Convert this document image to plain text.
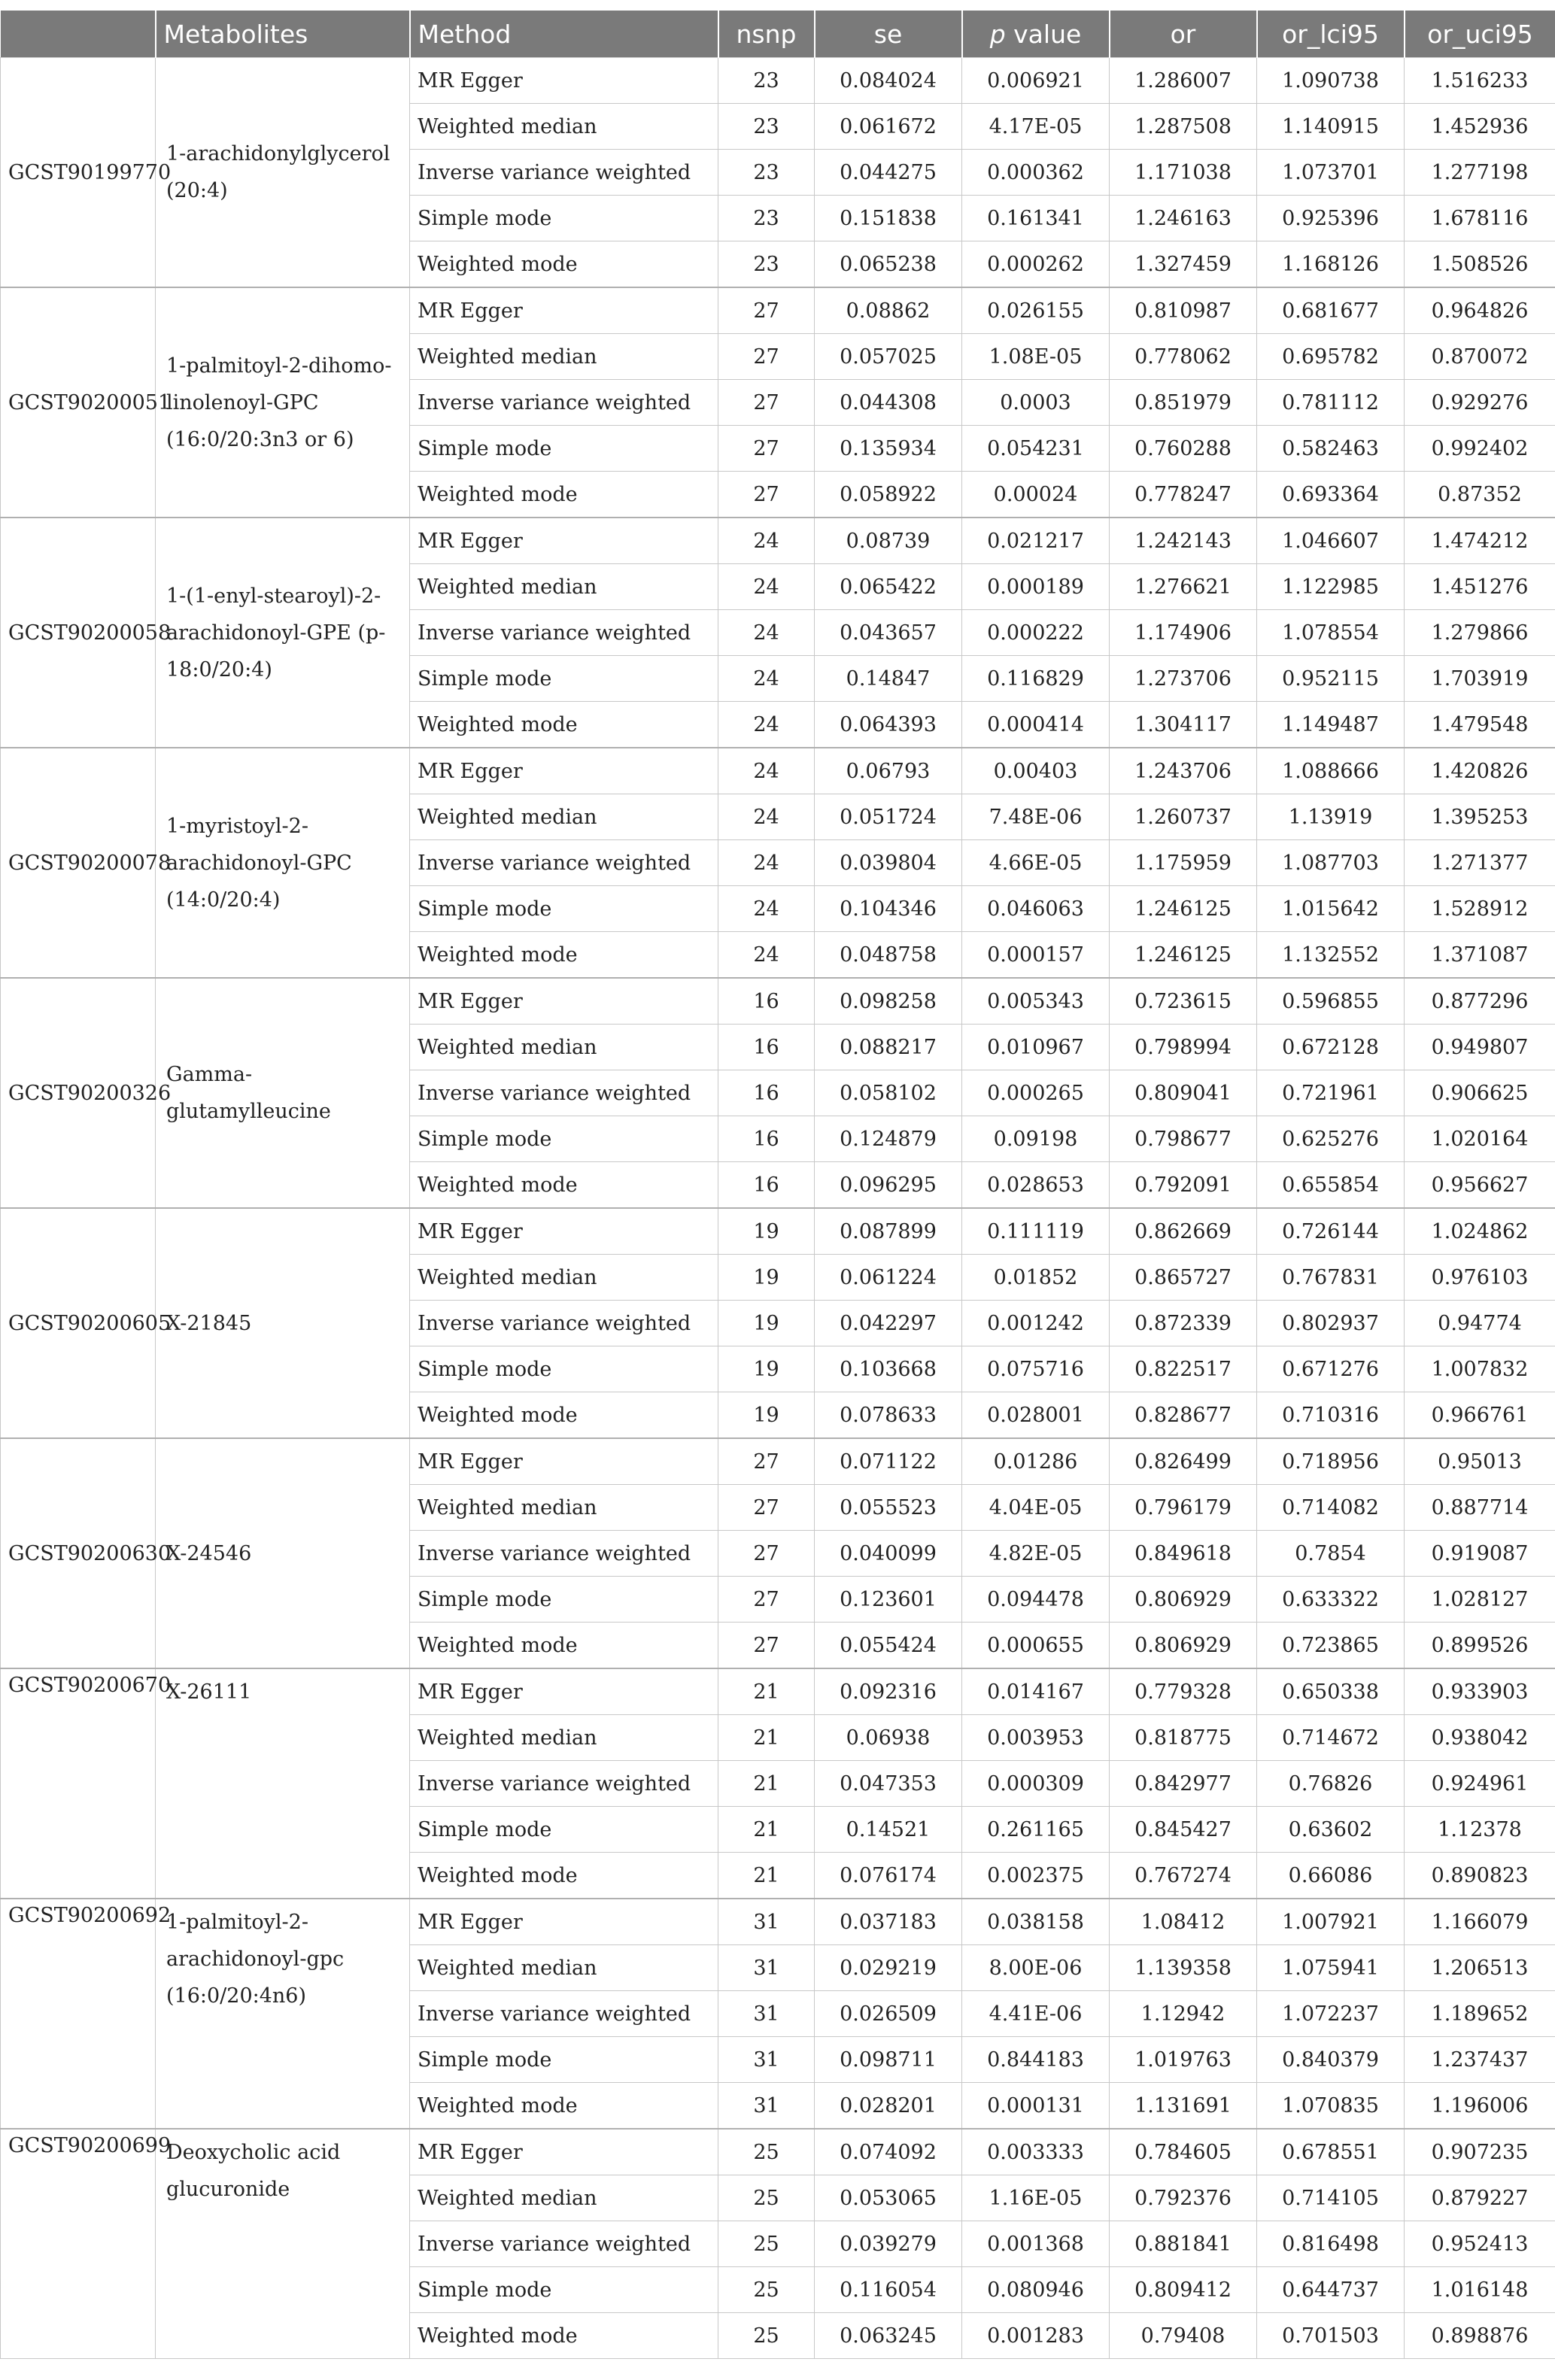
	Metabolites	Method	nsnp	se	p value	or	or_lci95	or_uci95
GCST90199770	1-arachidonylglycerol (20:4)	MR Egger	23	0.084024	0.006921	1.286007	1.090738	1.516233
		Weighted median	23	0.061672	4.17E-05	1.287508	1.140915	1.452936
		Inverse variance weighted	23	0.044275	0.000362	1.171038	1.073701	1.277198
		Simple mode	23	0.151838	0.161341	1.246163	0.925396	1.678116
		Weighted mode	23	0.065238	0.000262	1.327459	1.168126	1.508526
GCST90200051	1-palmitoyl-2-dihomo-linolenoyl-GPC (16:0/20:3n3 or 6)	MR Egger	27	0.08862	0.026155	0.810987	0.681677	0.964826
		Weighted median	27	0.057025	1.08E-05	0.778062	0.695782	0.870072
		Inverse variance weighted	27	0.044308	0.0003	0.851979	0.781112	0.929276
		Simple mode	27	0.135934	0.054231	0.760288	0.582463	0.992402
		Weighted mode	27	0.058922	0.00024	0.778247	0.693364	0.87352
GCST90200058	1-(1-enyl-stearoyl)-2-arachidonoyl-GPE (p-18:0/20:4)	MR Egger	24	0.08739	0.021217	1.242143	1.046607	1.474212
		Weighted median	24	0.065422	0.000189	1.276621	1.122985	1.451276
		Inverse variance weighted	24	0.043657	0.000222	1.174906	1.078554	1.279866
		Simple mode	24	0.14847	0.116829	1.273706	0.952115	1.703919
		Weighted mode	24	0.064393	0.000414	1.304117	1.149487	1.479548
GCST90200078	1-myristoyl-2-arachidonoyl-GPC (14:0/20:4)	MR Egger	24	0.06793	0.00403	1.243706	1.088666	1.420826
		Weighted median	24	0.051724	7.48E-06	1.260737	1.13919	1.395253
		Inverse variance weighted	24	0.039804	4.66E-05	1.175959	1.087703	1.271377
		Simple mode	24	0.104346	0.046063	1.246125	1.015642	1.528912
		Weighted mode	24	0.048758	0.000157	1.246125	1.132552	1.371087
GCST90200326	Gamma-glutamylleucine	MR Egger	16	0.098258	0.005343	0.723615	0.596855	0.877296
		Weighted median	16	0.088217	0.010967	0.798994	0.672128	0.949807
		Inverse variance weighted	16	0.058102	0.000265	0.809041	0.721961	0.906625
		Simple mode	16	0.124879	0.09198	0.798677	0.625276	1.020164
		Weighted mode	16	0.096295	0.028653	0.792091	0.655854	0.956627
GCST90200605	X-21845	MR Egger	19	0.087899	0.111119	0.862669	0.726144	1.024862
		Weighted median	19	0.061224	0.01852	0.865727	0.767831	0.976103
		Inverse variance weighted	19	0.042297	0.001242	0.872339	0.802937	0.94774
		Simple mode	19	0.103668	0.075716	0.822517	0.671276	1.007832
		Weighted mode	19	0.078633	0.028001	0.828677	0.710316	0.966761
GCST90200630	X-24546	MR Egger	27	0.071122	0.01286	0.826499	0.718956	0.95013
		Weighted median	27	0.055523	4.04E-05	0.796179	0.714082	0.887714
		Inverse variance weighted	27	0.040099	4.82E-05	0.849618	0.7854	0.919087
		Simple mode	27	0.123601	0.094478	0.806929	0.633322	1.028127
		Weighted mode	27	0.055424	0.000655	0.806929	0.723865	0.899526
GCST90200670	X-26111	MR Egger	21	0.092316	0.014167	0.779328	0.650338	0.933903
		Weighted median	21	0.06938	0.003953	0.818775	0.714672	0.938042
		Inverse variance weighted	21	0.047353	0.000309	0.842977	0.76826	0.924961
		Simple mode	21	0.14521	0.261165	0.845427	0.63602	1.12378
		Weighted mode	21	0.076174	0.002375	0.767274	0.66086	0.890823
GCST90200692	1-palmitoyl-2-arachidonoyl-gpc (16:0/20:4n6)	MR Egger	31	0.037183	0.038158	1.08412	1.007921	1.166079
		Weighted median	31	0.029219	8.00E-06	1.139358	1.075941	1.206513
		Inverse variance weighted	31	0.026509	4.41E-06	1.12942	1.072237	1.189652
		Simple mode	31	0.098711	0.844183	1.019763	0.840379	1.237437
		Weighted mode	31	0.028201	0.000131	1.131691	1.070835	1.196006
GCST90200699	Deoxycholic acid glucuronide	MR Egger	25	0.074092	0.003333	0.784605	0.678551	0.907235
		Weighted median	25	0.053065	1.16E-05	0.792376	0.714105	0.879227
		Inverse variance weighted	25	0.039279	0.001368	0.881841	0.816498	0.952413
		Simple mode	25	0.116054	0.080946	0.809412	0.644737	1.016148
		Weighted mode	25	0.063245	0.001283	0.79408	0.701503	0.898876
